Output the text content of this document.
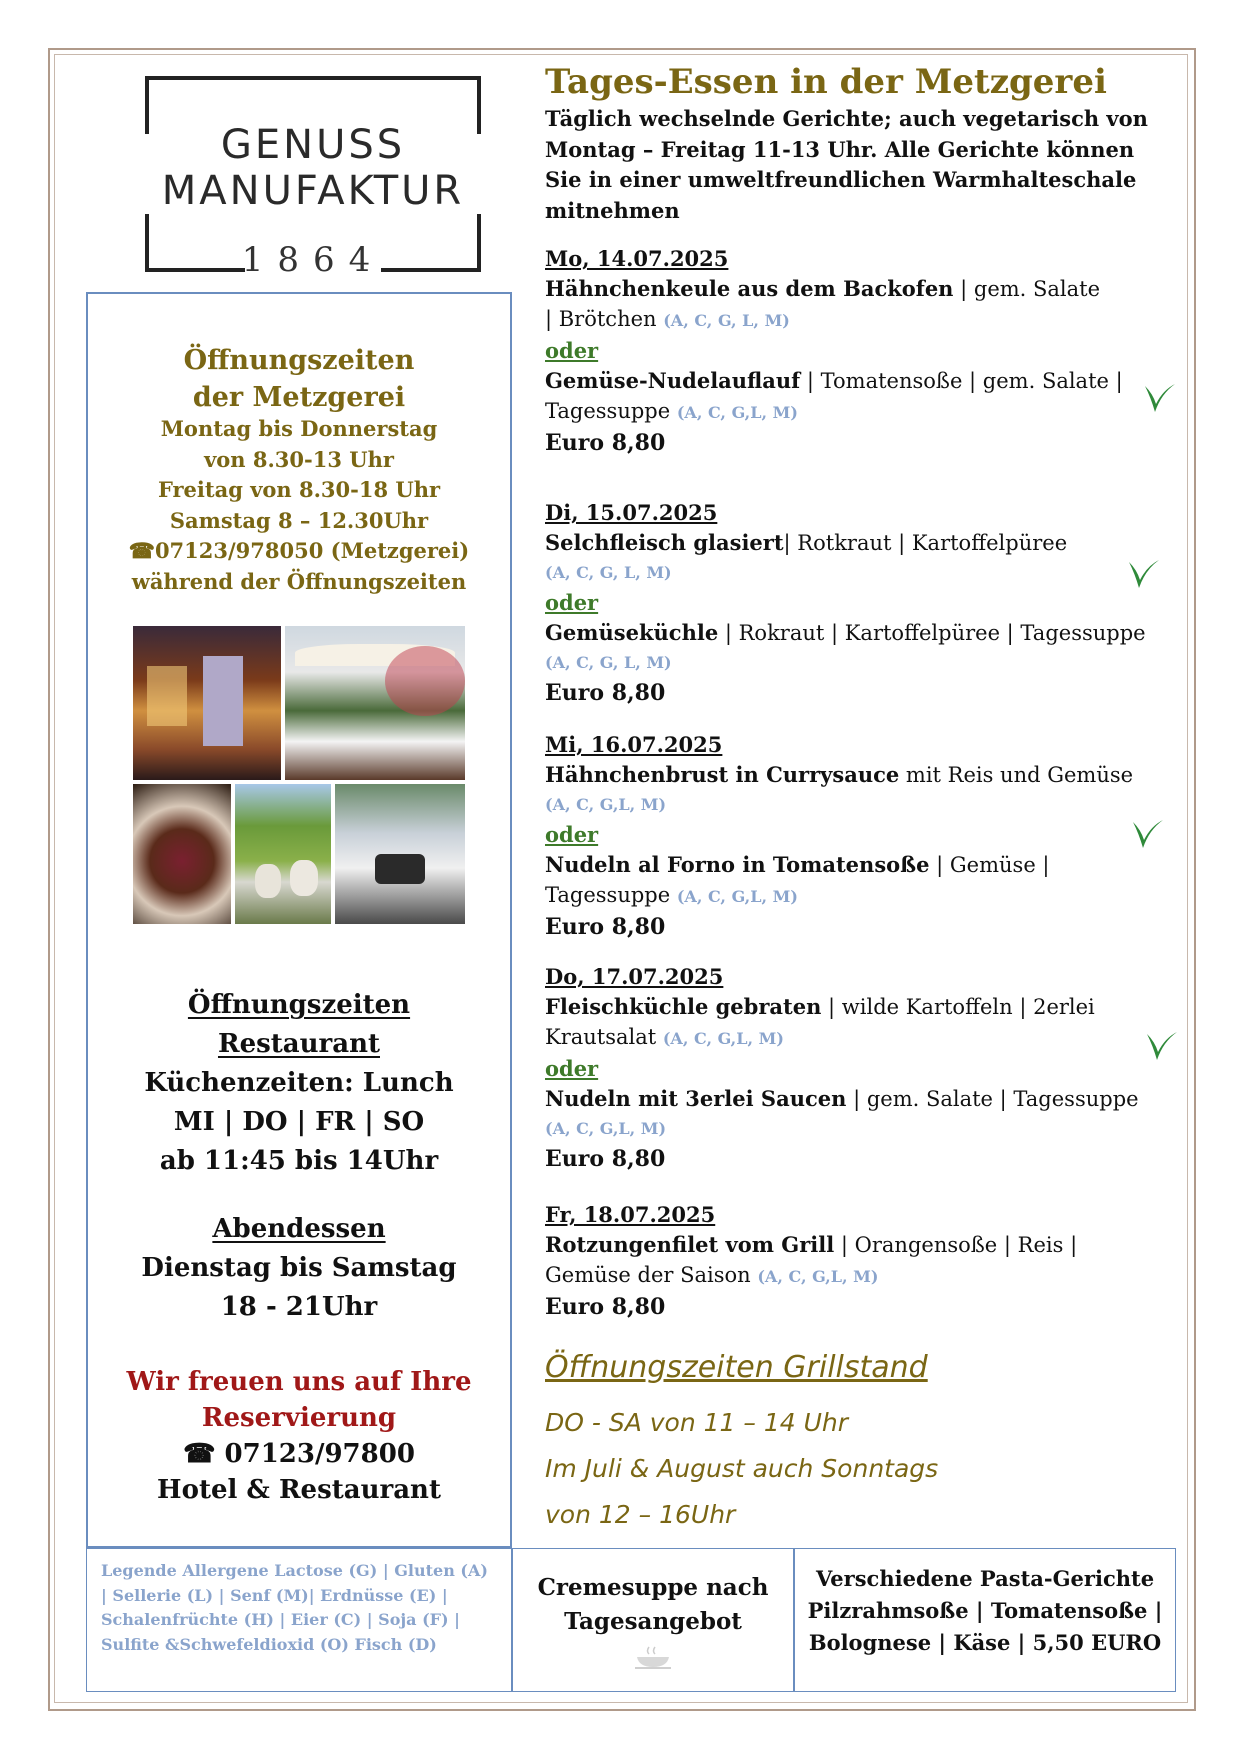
GENUSS
MANUFAKTUR
1864
Öffnungszeiten
der Metzgerei
Montag bis Donnerstag
von 8.30-13 Uhr
Freitag von 8.30-18 Uhr
Samstag 8 – 12.30Uhr
☎07123/978050 (Metzgerei)
während der Öffnungszeiten
Öffnungszeiten
Restaurant
Küchenzeiten: Lunch
MI | DO | FR | SO
ab 11:45 bis 14Uhr
Abendessen
Dienstag bis Samstag
18 - 21Uhr
Wir freuen uns auf Ihre
Reservierung
☎ 07123/97800
Hotel & Restaurant
Tages-Essen in der Metzgerei
Täglich wechselnde Gerichte; auch vegetarisch von Montag – Freitag 11-13 Uhr. Alle Gerichte können Sie in einer umweltfreundlichen Warmhalteschale mitnehmen
Mo, 14.07.2025
Hähnchenkeule aus dem Backofen | gem. Salate | Brötchen (A, C, G, L, M)
oder
Gemüse-Nudelauflauf | Tomatensoße | gem. Salate | Tagessuppe (A, C, G,L, M)
Euro 8,80
Di, 15.07.2025
Selchfleisch glasiert| Rotkraut | Kartoffelpüree
(A, C, G, L, M)
oder
Gemüseküchle | Rokraut | Kartoffelpüree | Tagessuppe
(A, C, G, L, M)
Euro 8,80
Mi, 16.07.2025
Hähnchenbrust in Currysauce mit Reis und Gemüse
(A, C, G,L, M)
oder
Nudeln al Forno in Tomatensoße | Gemüse | Tagessuppe (A, C, G,L, M)
Euro 8,80
Do, 17.07.2025
Fleischküchle gebraten | wilde Kartoffeln | 2erlei Krautsalat (A, C, G,L, M)
oder
Nudeln mit 3erlei Saucen | gem. Salate | Tagessuppe
(A, C, G,L, M)
Euro 8,80
Fr, 18.07.2025
Rotzungenfilet vom Grill | Orangensoße | Reis | Gemüse der Saison (A, C, G,L, M)
Euro 8,80
Öffnungszeiten Grillstand
DO - SA von 11 – 14 Uhr
Im Juli & August auch Sonntags
von 12 – 16Uhr
Legende Allergene Lactose (G) | Gluten (A) | Sellerie (L) | Senf (M)| Erdnüsse (E) | Schalenfrüchte (H) | Eier (C) | Soja (F) | Sulfite &Schwefeldioxid (O) Fisch (D)
Cremesuppe nach
Tagesangebot
Verschiedene Pasta-Gerichte
Pilzrahmsoße | Tomatensoße |
Bolognese | Käse | 5,50 EURO
